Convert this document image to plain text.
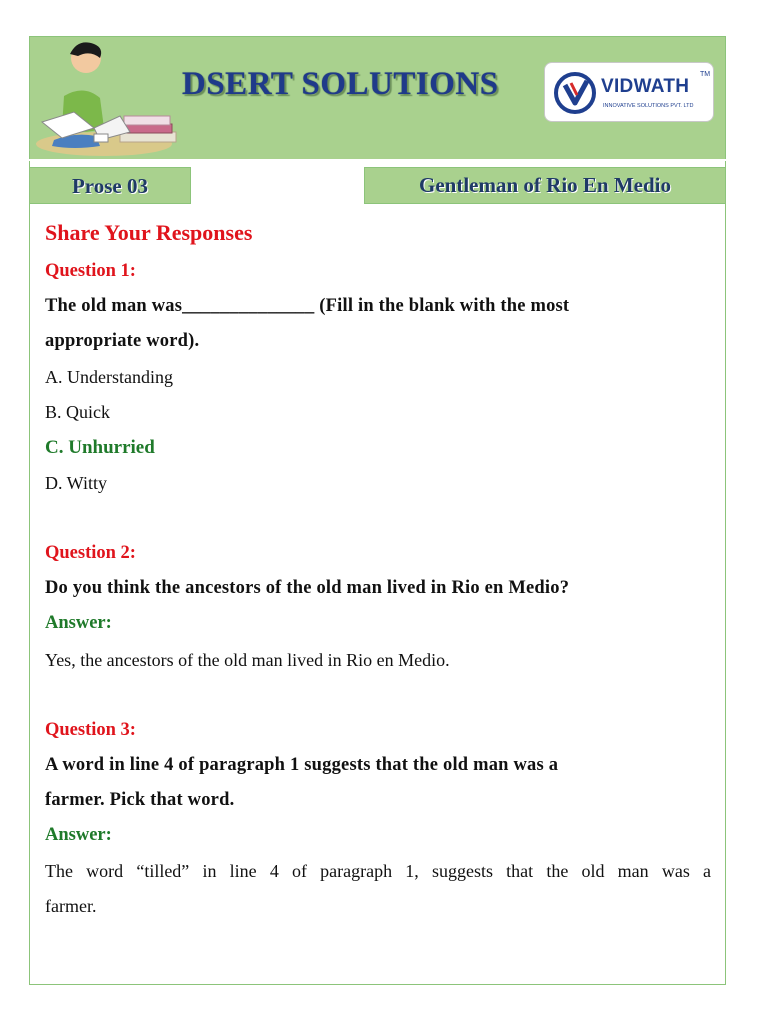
DSERT SOLUTIONS	VIDWATH
TM
INNOVATIVE SOLUTIONS PVT. LTD
Prose 03	Gentleman of Rio En Medio
Share Your Responses
Question 1:
The old man was______________ (Fill in the blank with the most
appropriate word).
A. Understanding
B. Quick
C. Unhurried
D. Witty
Question 2:
Do you think the ancestors of the old man lived in Rio en Medio?
Answer:
Yes, the ancestors of the old man lived in Rio en Medio.
Question 3:
A word in line 4 of paragraph 1 suggests that the old man was a
farmer. Pick that word.
Answer:
The word “tilled” in line 4 of paragraph 1, suggests that the old man was a
farmer.
